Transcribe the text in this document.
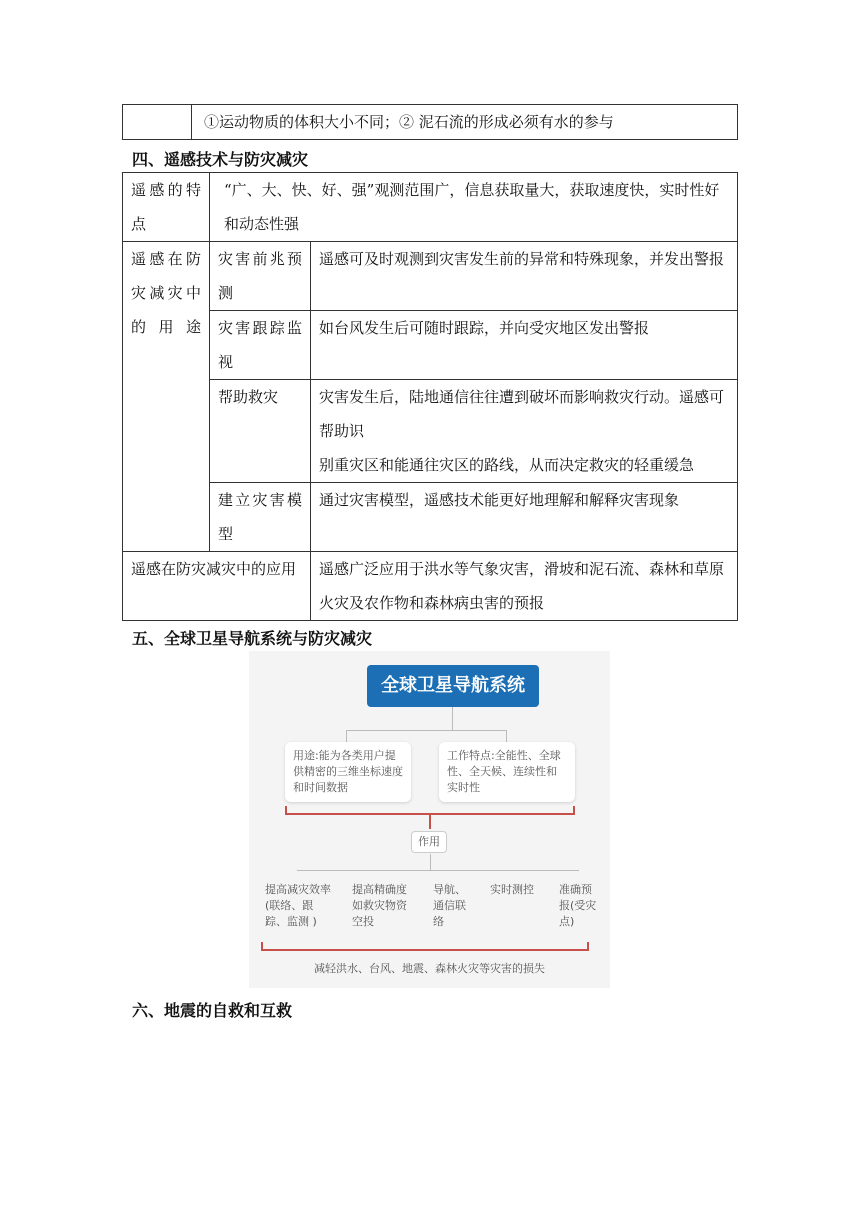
	①运动物质的体积大小不同；② 泥石流的形成必须有水的参与
四、遥感技术与防灾减灾
遥感的特点	“广、大、快、好、强”观测范围广，信息获取量大，获取速度快，实时性好和动态性强	
遥感在防灾减灾中的用途	灾害前兆预测	遥感可及时观测到灾害发生前的异常和特殊现象，并发出警报
	灾害跟踪监视	如台风发生后可随时跟踪，并向受灾地区发出警报
	帮助救灾	灾害发生后，陆地通信往往遭到破坏而影响救灾行动。遥感可帮助识
别重灾区和能通往灾区的路线，从而决定救灾的轻重缓急

	建立灾害模型	通过灾害模型，遥感技术能更好地理解和解释灾害现象
遥感在防灾减灾中的应用		遥感广泛应用于洪水等气象灾害，滑坡和泥石流、森林和草原火灾及农作物和森林病虫害的预报
五、全球卫星导航系统与防灾减灾
全球卫星导航系统
用途:能为各类用户提供精密的三维坐标速度和时间数据
工作特点:全能性、全球性、全天候、连续性和实时性
作用
提高减灾效率(联络、跟踪、监测 )
提高精确度如救灾物资空投
导航、通信联络
实时测控	准确预报(受灾点)
减轻洪水、台风、地震、森林火灾等灾害的损失
六、地震的自救和互救
